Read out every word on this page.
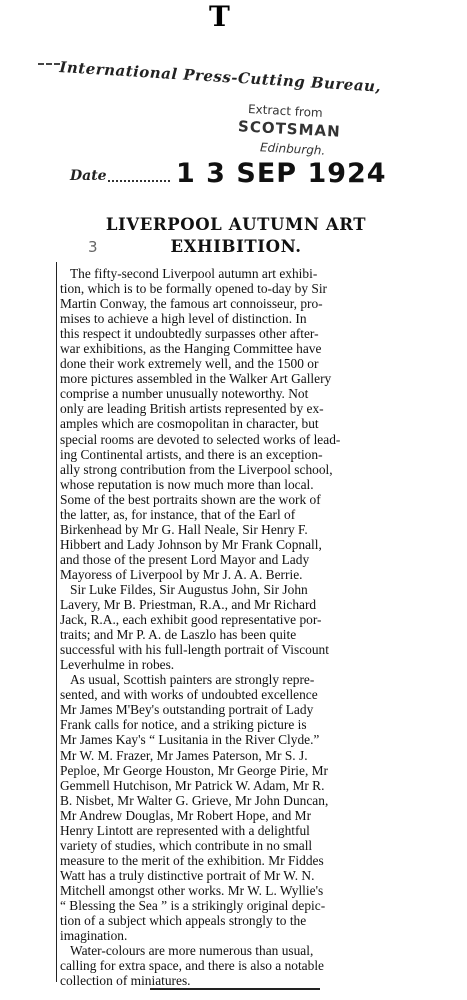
T
International Press-Cutting Bureau,
Extract from
SCOTSMAN
Edinburgh.
Date	1 3 SEP 1924
LIVERPOOL AUTUMN ART
EXHIBITION.
3
The fifty-second Liverpool autumn art exhibi-
tion, which is to be formally opened to-day by Sir
Martin Conway, the famous art connoisseur, pro-
mises to achieve a high level of distinction. In
this respect it undoubtedly surpasses other after-
war exhibitions, as the Hanging Committee have
done their work extremely well, and the 1500 or
more pictures assembled in the Walker Art Gallery
comprise a number unusually noteworthy. Not
only are leading British artists represented by ex-
amples which are cosmopolitan in character, but
special rooms are devoted to selected works of lead-
ing Continental artists, and there is an exception-
ally strong contribution from the Liverpool school,
whose reputation is now much more than local.
Some of the best portraits shown are the work of
the latter, as, for instance, that of the Earl of
Birkenhead by Mr G. Hall Neale, Sir Henry F.
Hibbert and Lady Johnson by Mr Frank Copnall,
and those of the present Lord Mayor and Lady
Mayoress of Liverpool by Mr J. A. A. Berrie.
Sir Luke Fildes, Sir Augustus John, Sir John
Lavery, Mr B. Priestman, R.A., and Mr Richard
Jack, R.A., each exhibit good representative por-
traits; and Mr P. A. de Laszlo has been quite
successful with his full-length portrait of Viscount
Leverhulme in robes.
As usual, Scottish painters are strongly repre-
sented, and with works of undoubted excellence
Mr James M'Bey's outstanding portrait of Lady
Frank calls for notice, and a striking picture is
Mr James Kay's “ Lusitania in the River Clyde.”
Mr W. M. Frazer, Mr James Paterson, Mr S. J.
Peploe, Mr George Houston, Mr George Pirie, Mr
Gemmell Hutchison, Mr Patrick W. Adam, Mr R.
B. Nisbet, Mr Walter G. Grieve, Mr John Duncan,
Mr Andrew Douglas, Mr Robert Hope, and Mr
Henry Lintott are represented with a delightful
variety of studies, which contribute in no small
measure to the merit of the exhibition. Mr Fiddes
Watt has a truly distinctive portrait of Mr W. N.
Mitchell amongst other works. Mr W. L. Wyllie's
“ Blessing the Sea ” is a strikingly original depic-
tion of a subject which appeals strongly to the
imagination.
Water-colours are more numerous than usual,
calling for extra space, and there is also a notable
collection of miniatures.
